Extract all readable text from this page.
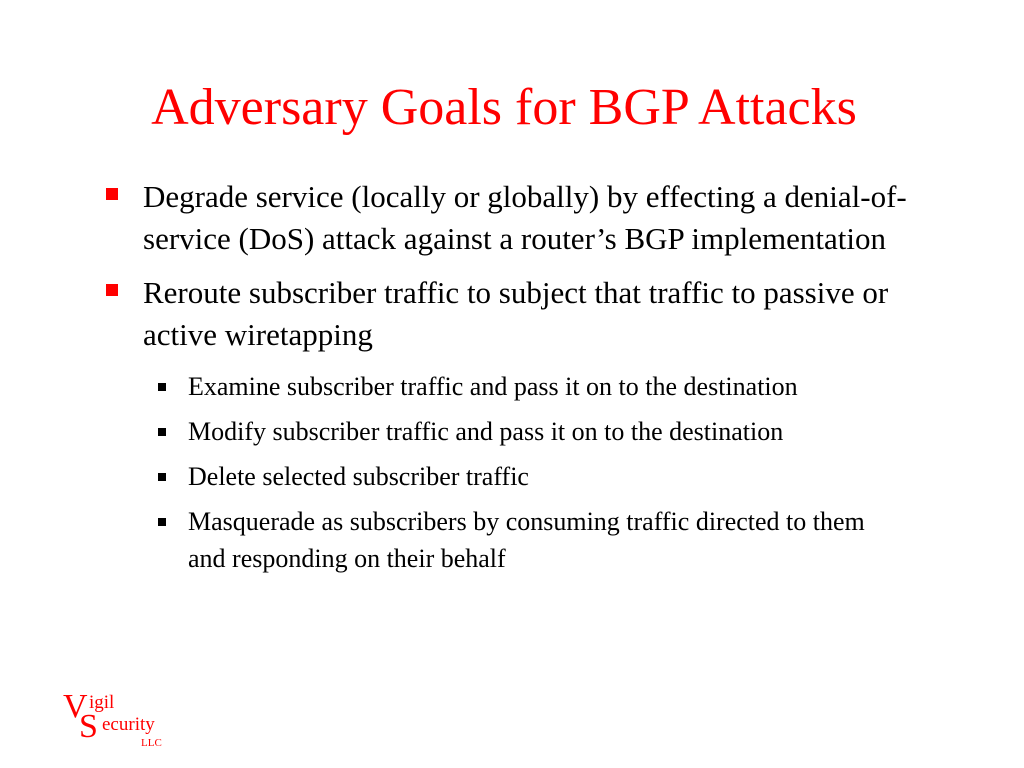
Adversary Goals for BGP Attacks
Degrade service (locally or globally) by effecting a denial-of-service (DoS) attack against a router’s BGP implementation
Reroute subscriber traffic to subject that traffic to passive or active wiretapping
Examine subscriber traffic and pass it on to the destination
Modify subscriber traffic and pass it on to the destination
Delete selected subscriber traffic
Masquerade as subscribers by consuming traffic directed to them and responding on their behalf
V igil
S ecurity
LLC
